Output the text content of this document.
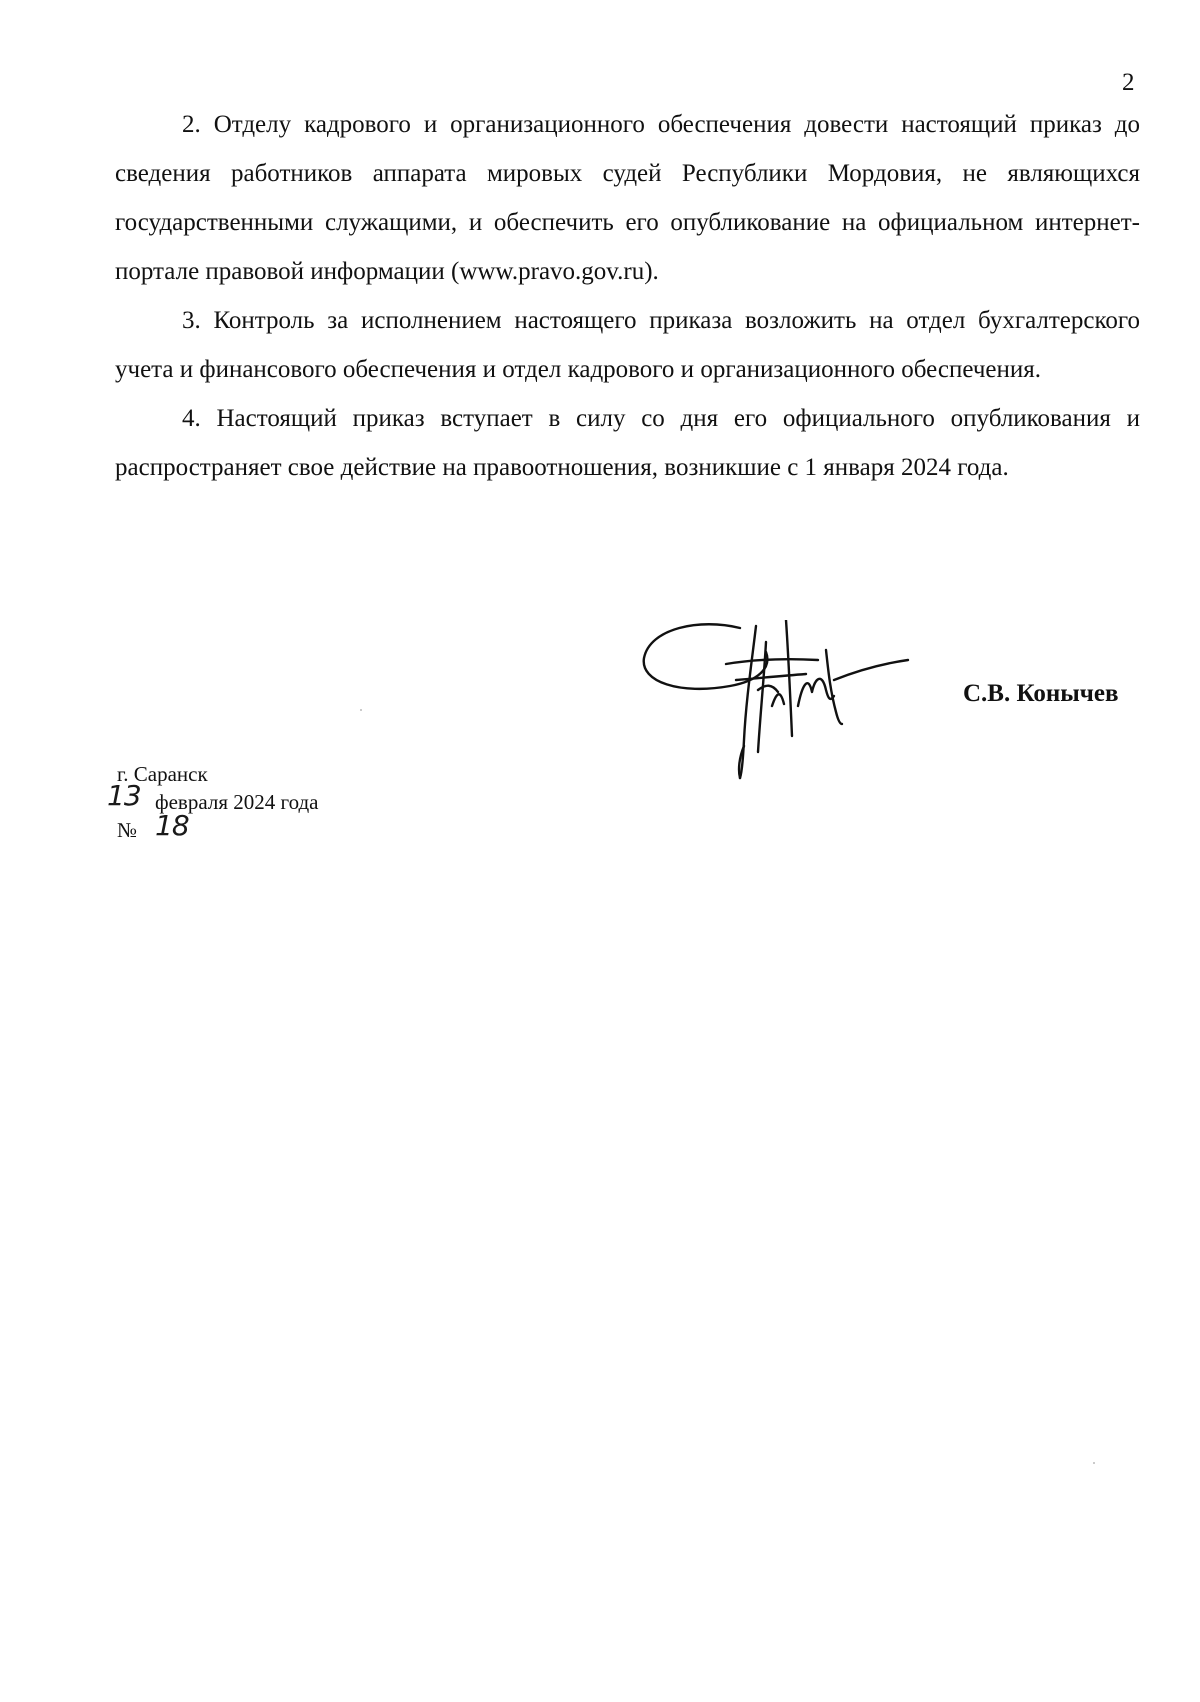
2

2. Отделу кадрового и организационного обеспечения довести настоящий приказ до сведения работников аппарата мировых судей Республики Мордовия, не являющихся государственными служащими, и обеспечить его опубликование на официальном интернет-портале правовой информации (www.pravo.gov.ru).

3. Контроль за исполнением настоящего приказа возложить на отдел бухгалтерского учета и финансового обеспечения и отдел кадрового и организационного обеспечения.

4. Настоящий приказ вступает в силу со дня его официального опубликования и распространяет свое действие на правоотношения, возникшие с 1 января 2024 года.

С.В. Конычев
г. Саранск
13 февраля 2024 года
№ 18
